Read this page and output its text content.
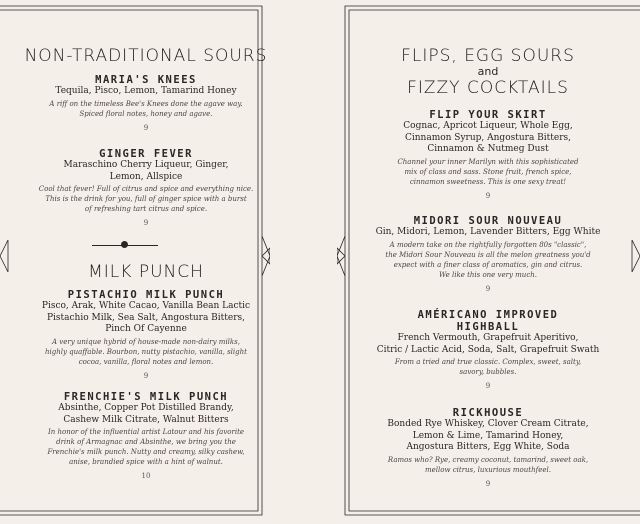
NON-TRADITIONAL SOURS
MARIA'S KNEES
Tequila, Pisco, Lemon, Tamarind Honey
A riff on the timeless Bee's Knees done the agave way.
Spiced floral notes, honey and agave.
9
GINGER FEVER
Maraschino Cherry Liqueur, Ginger,
Lemon, Allspice
Cool that fever! Full of citrus and spice and everything nice.
This is the drink for you, full of ginger spice with a burst
of refreshing tart citrus and spice.
9
MILK PUNCH
PISTACHIO MILK PUNCH
Pisco, Arak, White Cacao, Vanilla Bean Lactic
Pistachio Milk, Sea Salt, Angostura Bitters,
Pinch Of Cayenne
A very unique hybrid of house-made non-dairy milks,
highly quaffable. Bourbon, nutty pistachio, vanilla, slight
cocoa, vanilla, floral notes and lemon.
9
FRENCHIE'S MILK PUNCH
Absinthe, Copper Pot Distilled Brandy,
Cashew Milk Citrate, Walnut Bitters
In honor of the influential artist Latour and his favorite
drink of Armagnac and Absinthe, we bring you the
Frenchie's milk punch. Nutty and creamy, silky cashew,
anise, brandied spice with a hint of walnut.
10
FLIPS, EGG SOURS
and
FIZZY COCKTAILS
FLIP YOUR SKIRT
Cognac, Apricot Liqueur, Whole Egg,
Cinnamon Syrup, Angostura Bitters,
Cinnamon & Nutmeg Dust
Channel your inner Marilyn with this sophisticated
mix of class and sass. Stone fruit, french spice,
cinnamon sweetness. This is one sexy treat!
9
MIDORI SOUR NOUVEAU
Gin, Midori, Lemon, Lavender Bitters, Egg White
A modern take on the rightfully forgotten 80s "classic",
the Midori Sour Nouveau is all the melon greatness you'd
expect with a finer class of aromatics, gin and citrus.
We like this one very much.
9
AMÉRICANO IMPROVED
HIGHBALL
French Vermouth, Grapefruit Aperitivo,
Citric / Lactic Acid, Soda, Salt, Grapefruit Swath
From a tried and true classic. Complex, sweet, salty,
savory, bubbles.
9
RICKHOUSE
Bonded Rye Whiskey, Clover Cream Citrate,
Lemon & Lime, Tamarind Honey,
Angostura Bitters, Egg White, Soda
Ramos who? Rye, creamy coconut, tamarind, sweet oak,
mellow citrus, luxurious mouthfeel.
9
